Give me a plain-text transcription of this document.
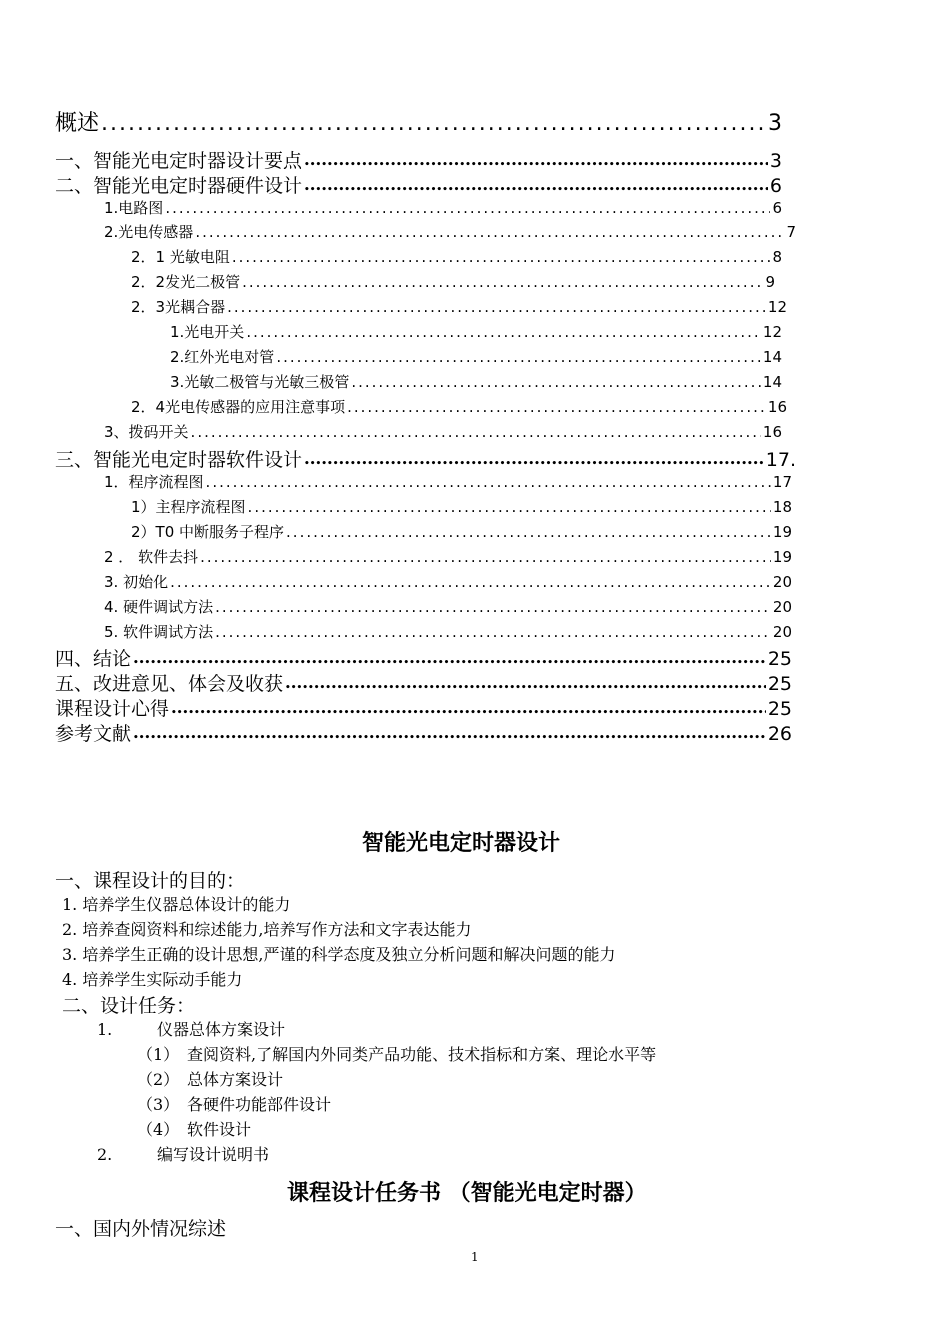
概述 .....	3
一、智能光电定时器设计要点 •••••	3
二、智能光电定时器硬件设计 •••••	6
1.电路图 .....	6
2.光电传感器 .....	7
2．1 光敏电阻 .....	8
2．2发光二极管 .....	9
2．3光耦合器 .....	12
1.光电开关 .....	12
2.红外光电对管 .....	14
3.光敏二极管与光敏三极管 .....	14
2．4光电传感器的应用注意事项 .....	16
3、拨码开关 .....	16
三、智能光电定时器软件设计 •••••	17.
1．程序流程图 .....	17
1）主程序流程图 .....	18
2）T0 中断服务子程序 .....	19
2 ． 软件去抖 .....	19
3. 初始化 .....	20
4. 硬件调试方法 .....	20
5. 软件调试方法 .....	20
四、结论 •••••	25
五、改进意见、体会及收获 •••••	25
课程设计心得 •••••	25
参考文献 •••••	26
智能光电定时器设计
一、课程设计的目的：
1. 培养学生仪器总体设计的能力
2. 培养查阅资料和综述能力,培养写作方法和文字表达能力
3. 培养学生正确的设计思想,严谨的科学态度及独立分析问题和解决问题的能力
4. 培养学生实际动手能力
二、设计任务：
1.	仪器总体方案设计
（1） 查阅资料,了解国内外同类产品功能、技术指标和方案、理论水平等
（2） 总体方案设计
（3） 各硬件功能部件设计
（4） 软件设计
2.	编写设计说明书
课程设计任务书 （智能光电定时器）
一、国内外情况综述
1
